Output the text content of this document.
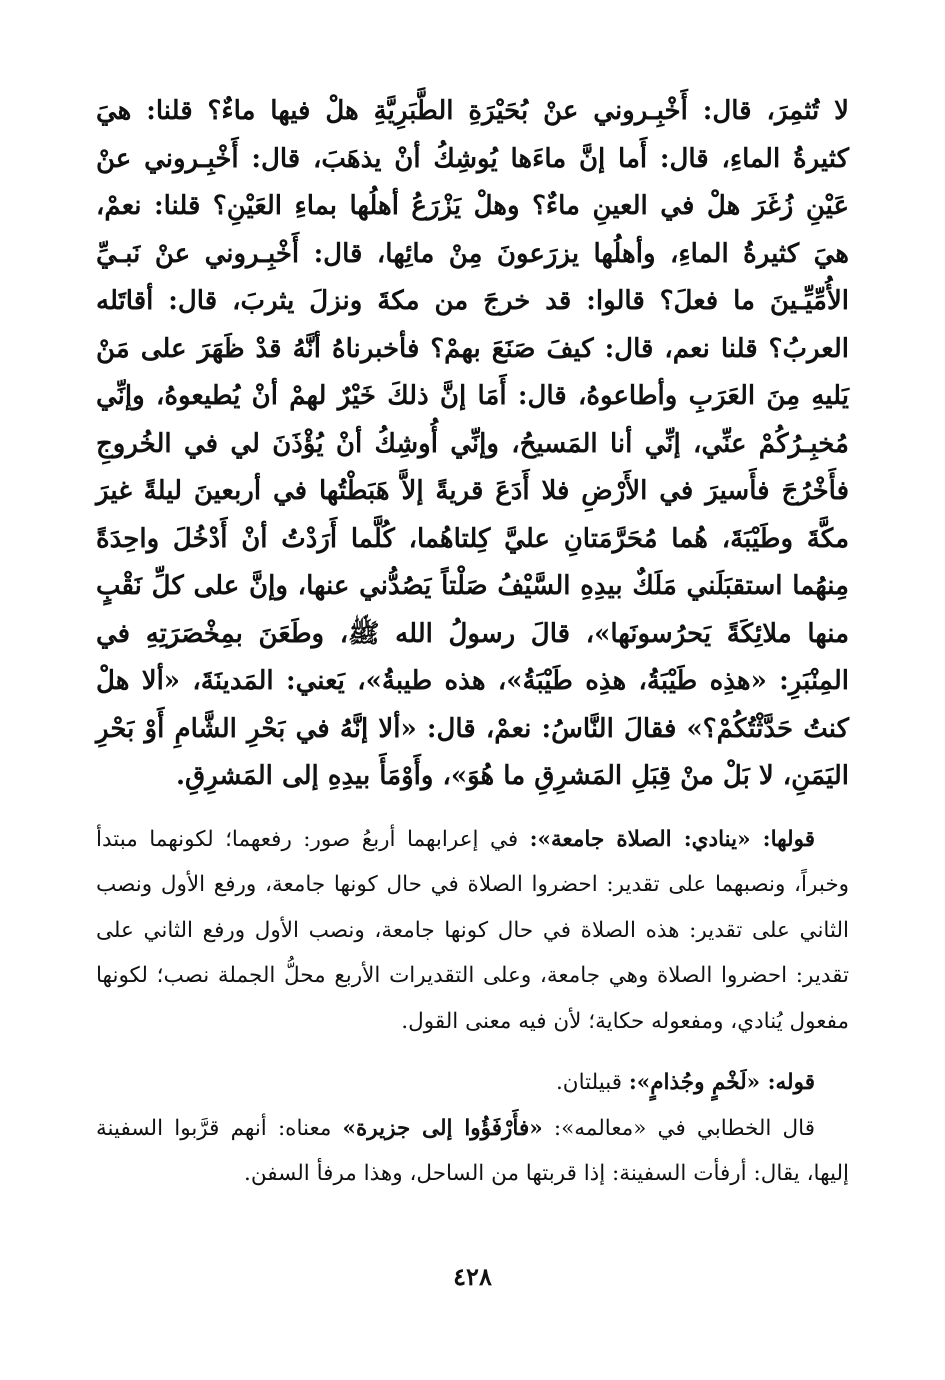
لا تُثمِرَ، قال: أَخْبِـروني عنْ بُحَيْرَةِ الطَّبَرِيَّةِ هلْ فيها ماءٌ؟ قلنا: هيَ كثيرةُ الماءِ، قال: أَما إنَّ ماءَها يُوشِكُ أنْ يذهَبَ، قال: أَخْبِـروني عنْ عَيْنِ زُغَرَ هلْ في العينِ ماءٌ؟ وهلْ يَزْرَعُ أهلُها بماءِ العَيْنِ؟ قلنا: نعمْ، هيَ كثيرةُ الماءِ، وأهلُها يزرَعونَ مِنْ مائِها، قال: أَخْبِـروني عنْ نَبـيِّ الأُمِّيِّـينَ ما فعلَ؟ قالوا: قد خرجَ من مكةَ ونزلَ يثربَ، قال: أقاتَله العربُ؟ قلنا نعم، قال: كيفَ صَنَعَ بهمْ؟ فأخبرناهُ أنَّهُ قدْ ظَهَرَ على مَنْ يَليهِ مِنَ العَرَبِ وأطاعوهُ، قال: أَمَا إنَّ ذلكَ خَيْرٌ لهمْ أنْ يُطيعوهُ، وإنِّي مُخبِـرُكُمْ عنِّي، إنِّي أنا المَسيحُ، وإنِّي أُوشِكُ أنْ يُؤْذَنَ لي في الخُروجِ فأَخْرُجَ فأَسيرَ في الأَرْضِ فلا أَدَعَ قريةً إلاَّ هَبَطْتُها في أربعينَ ليلةً غيرَ مكَّةَ وطَيْبَةَ، هُما مُحَرَّمَتانِ عليَّ كِلتاهُما، كُلَّما أَرَدْتُ أنْ أَدْخُلَ واحِدَةً مِنهُما استقبَلَني مَلَكٌ بيدِهِ السَّيْفُ صَلْتاً يَصُدُّني عنها، وإنَّ على كلِّ نَقْبٍ منها ملائِكَةً يَحرُسونَها»، قالَ رسولُ الله ﷺ، وطَعَنَ بمِخْصَرَتِهِ في المِنْبَرِ: «هذِه طَيْبَةُ، هذِه طَيْبَةُ»، هذه طيبةُ»، يَعني: المَدينَةَ، «ألا هلْ كنتُ حَدَّثْتُكُمْ؟» فقالَ النَّاسُ: نعمْ، قال: «ألا إنَّهُ في بَحْرِ الشَّامِ أَوْ بَحْرِ اليَمَنِ، لا بَلْ منْ قِبَلِ المَشرِقِ ما هُوَ»، وأَوْمَأَ بيدِهِ إلى المَشرِقِ.

قولها: «ينادي: الصلاة جامعة»: في إعرابهما أربعُ صور: رفعهما؛ لكونهما مبتدأ وخبراً، ونصبهما على تقدير: احضروا الصلاة في حال كونها جامعة، ورفع الأول ونصب الثاني على تقدير: هذه الصلاة في حال كونها جامعة، ونصب الأول ورفع الثاني على تقدير: احضروا الصلاة وهي جامعة، وعلى التقديرات الأربع محلُّ الجملة نصب؛ لكونها مفعول يُنادي، ومفعوله حكاية؛ لأن فيه معنى القول.

قوله: «لَخْمٍ وجُذامٍ»: قبيلتان.

قال الخطابي في «معالمه»: «فأَرْفَؤُوا إلى جزيرة» معناه: أنهم قرَّبوا السفينة إليها، يقال: أرفأت السفينة: إذا قربتها من الساحل، وهذا مرفأ السفن.

٤٢٨
